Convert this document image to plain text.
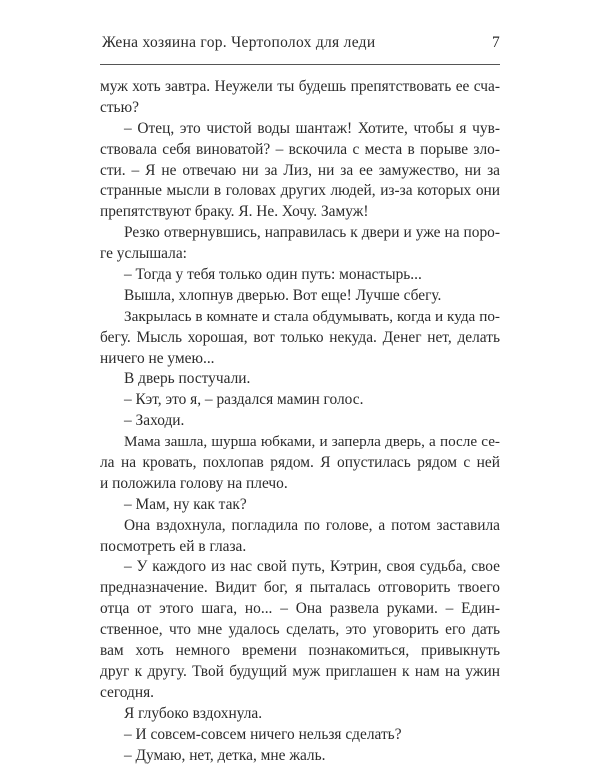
Жена хозяина гор. Чертополох для леди	7
муж хоть завтра. Неужели ты будешь препятствовать ее сча-
стью?
– Отец, это чистой воды шантаж! Хотите, чтобы я чув-
ствовала себя виноватой? – вскочила с места в порыве зло-
сти. – Я не отвечаю ни за Лиз, ни за ее замужество, ни за
странные мысли в головах других людей, из-за которых они
препятствуют браку. Я. Не. Хочу. Замуж!
Резко отвернувшись, направилась к двери и уже на поро-
ге услышала:
– Тогда у тебя только один путь: монастырь...
Вышла, хлопнув дверью. Вот еще! Лучше сбегу.
Закрылась в комнате и стала обдумывать, когда и куда по-
бегу. Мысль хорошая, вот только некуда. Денег нет, делать
ничего не умею...
В дверь постучали.
– Кэт, это я, – раздался мамин голос.
– Заходи.
Мама зашла, шурша юбками, и заперла дверь, а после се-
ла на кровать, похлопав рядом. Я опустилась рядом с ней
и положила голову на плечо.
– Мам, ну как так?
Она вздохнула, погладила по голове, а потом заставила
посмотреть ей в глаза.
– У каждого из нас свой путь, Кэтрин, своя судьба, свое
предназначение. Видит бог, я пыталась отговорить твоего
отца от этого шага, но... – Она развела руками. – Един-
ственное, что мне удалось сделать, это уговорить его дать
вам хоть немного времени познакомиться, привыкнуть
друг к другу. Твой будущий муж приглашен к нам на ужин
сегодня.
Я глубоко вздохнула.
– И совсем-совсем ничего нельзя сделать?
– Думаю, нет, детка, мне жаль.
